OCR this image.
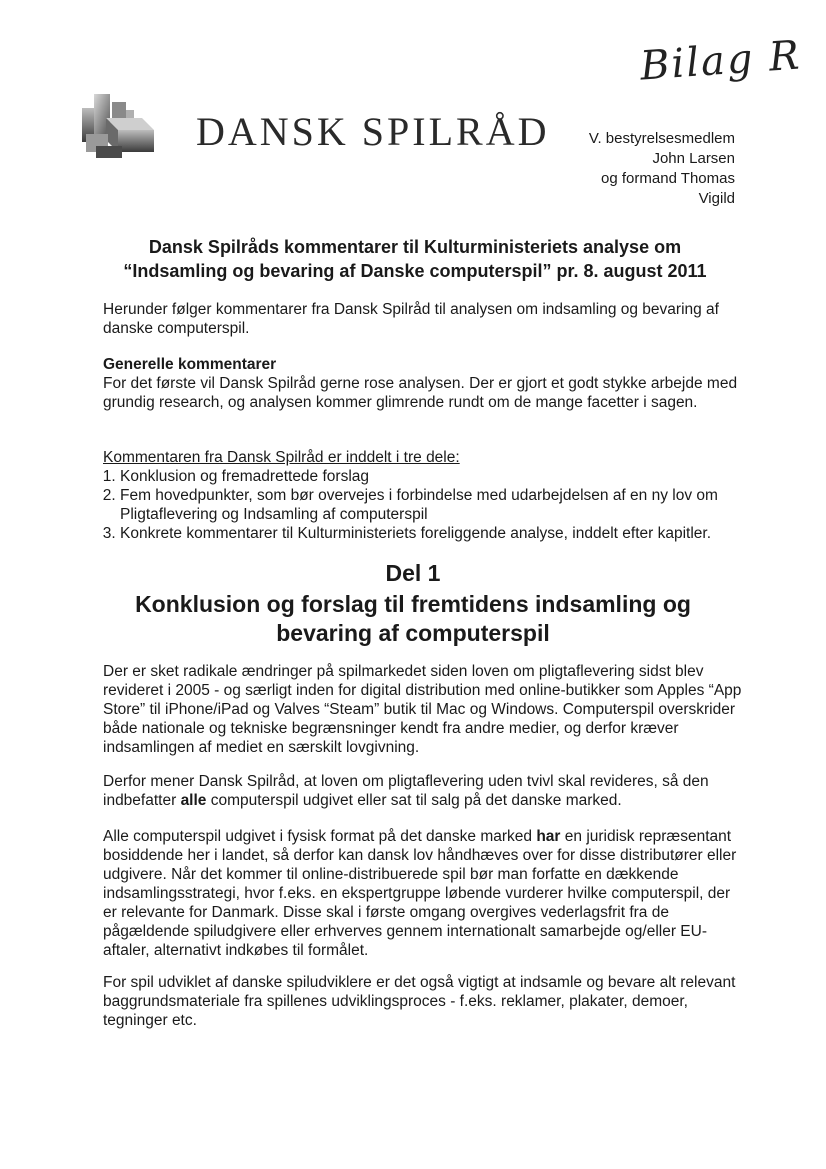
Bilag R
DANSK SPILRÅD	V. bestyrelsesmedlem
John Larsen
og formand Thomas
Vigild
Dansk Spilråds kommentarer til Kulturministeriets analyse om
“Indsamling og bevaring af Danske computerspil” pr. 8. august 2011
Herunder følger kommentarer fra Dansk Spilråd til analysen om indsamling og bevaring af danske computerspil.
Generelle kommentarer
For det første vil Dansk Spilråd gerne rose analysen. Der er gjort et godt stykke arbejde med grundig research, og analysen kommer glimrende rundt om de mange facetter i sagen.
Kommentaren fra Dansk Spilråd er inddelt i tre dele:
1. Konklusion og fremadrettede forslag
2. Fem hovedpunkter, som bør overvejes i forbindelse med udarbejdelsen af en ny lov om Pligtaflevering og Indsamling af computerspil
3. Konkrete kommentarer til Kulturministeriets foreliggende analyse, inddelt efter kapitler.
Del 1
Konklusion og forslag til fremtidens indsamling og
bevaring af computerspil
Der er sket radikale ændringer på spilmarkedet siden loven om pligtaflevering sidst blev revideret i 2005 - og særligt inden for digital distribution med online-butikker som Apples “App Store” til iPhone/iPad og Valves “Steam” butik til Mac og Windows. Computerspil overskrider både nationale og tekniske begrænsninger kendt fra andre medier, og derfor kræver indsamlingen af mediet en særskilt lovgivning.
Derfor mener Dansk Spilråd, at loven om pligtaflevering uden tvivl skal revideres, så den indbefatter alle computerspil udgivet eller sat til salg på det danske marked.
Alle computerspil udgivet i fysisk format på det danske marked har en juridisk repræsentant bosiddende her i landet, så derfor kan dansk lov håndhæves over for disse distributører eller udgivere. Når det kommer til online-distribuerede spil bør man forfatte en dækkende indsamlingsstrategi, hvor f.eks. en ekspertgruppe løbende vurderer hvilke computerspil, der er relevante for Danmark. Disse skal i første omgang overgives vederlagsfrit fra de pågældende spiludgivere eller erhverves gennem internationalt samarbejde og/eller EU-aftaler, alternativt indkøbes til formålet.
For spil udviklet af danske spiludviklere er det også vigtigt at indsamle og bevare alt relevant baggrundsmateriale fra spillenes udviklingsproces - f.eks. reklamer, plakater, demoer, tegninger etc.
